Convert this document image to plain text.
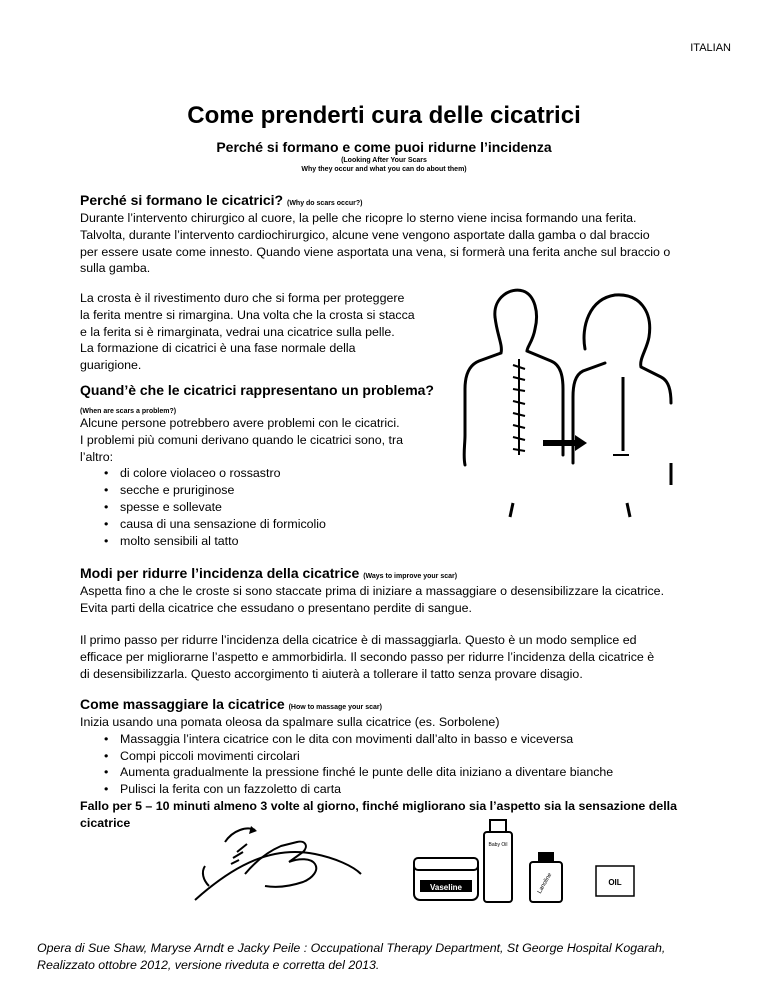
ITALIAN
Come prenderti cura delle cicatrici
Perché si formano e come puoi ridurne l’incidenza
(Looking After Your Scars
Why they occur and what you can do about them)
Perché si formano le cicatrici? (Why do scars occur?)
Durante l’intervento chirurgico al cuore, la pelle che ricopre lo sterno viene incisa formando una ferita.
Talvolta, durante l’intervento cardiochirurgico, alcune vene vengono asportate dalla gamba o dal braccio
per essere usate come innesto. Quando viene asportata una vena, si formerà una ferita anche sul braccio o
sulla gamba.
La crosta è il rivestimento duro che si forma per proteggere
la ferita mentre si rimargina. Una volta che la crosta si stacca
e la ferita si è rimarginata, vedrai una cicatrice sulla pelle.
La formazione di cicatrici è una fase normale della
guarigione.
Quand’è che le cicatrici rappresentano un problema?
(When are scars a problem?)
Alcune persone potrebbero avere problemi con le cicatrici.
I problemi più comuni derivano quando le cicatrici sono, tra
l’altro:
• di colore violaceo o rossastro
• secche e pruriginose
• spesse e sollevate
• causa di una sensazione di formicolio
• molto sensibili al tatto
Modi per ridurre l’incidenza della cicatrice (Ways to improve your scar)
Aspetta fino a che le croste si sono staccate prima di iniziare a massaggiare o desensibilizzare la cicatrice.
Evita parti della cicatrice che essudano o presentano perdite di sangue.
Il primo passo per ridurre l’incidenza della cicatrice è di massaggiarla. Questo è un modo semplice ed
efficace per migliorarne l’aspetto e ammorbidirla. Il secondo passo per ridurre l’incidenza della cicatrice è
di desensibilizzarla. Questo accorgimento ti aiuterà a tollerare il tatto senza provare disagio.
Come massaggiare la cicatrice (How to massage your scar)
Inizia usando una pomata oleosa da spalmare sulla cicatrice (es. Sorbolene)
• Massaggia l’intera cicatrice con le dita con movimenti dall’alto in basso e viceversa
• Compi piccoli movimenti circolari
• Aumenta gradualmente la pressione finché le punte delle dita iniziano a diventare bianche
• Pulisci la ferita con un fazzoletto di carta
Fallo per 5 – 10 minuti almeno 3 volte al giorno, finché migliorano sia l’aspetto sia la sensazione della
cicatrice
Vaseline
Baby Oil
Lanoline	OIL
Opera di Sue Shaw, Maryse Arndt e Jacky Peile : Occupational Therapy Department, St George Hospital Kogarah,
Realizzato ottobre 2012, versione riveduta e corretta del 2013.
